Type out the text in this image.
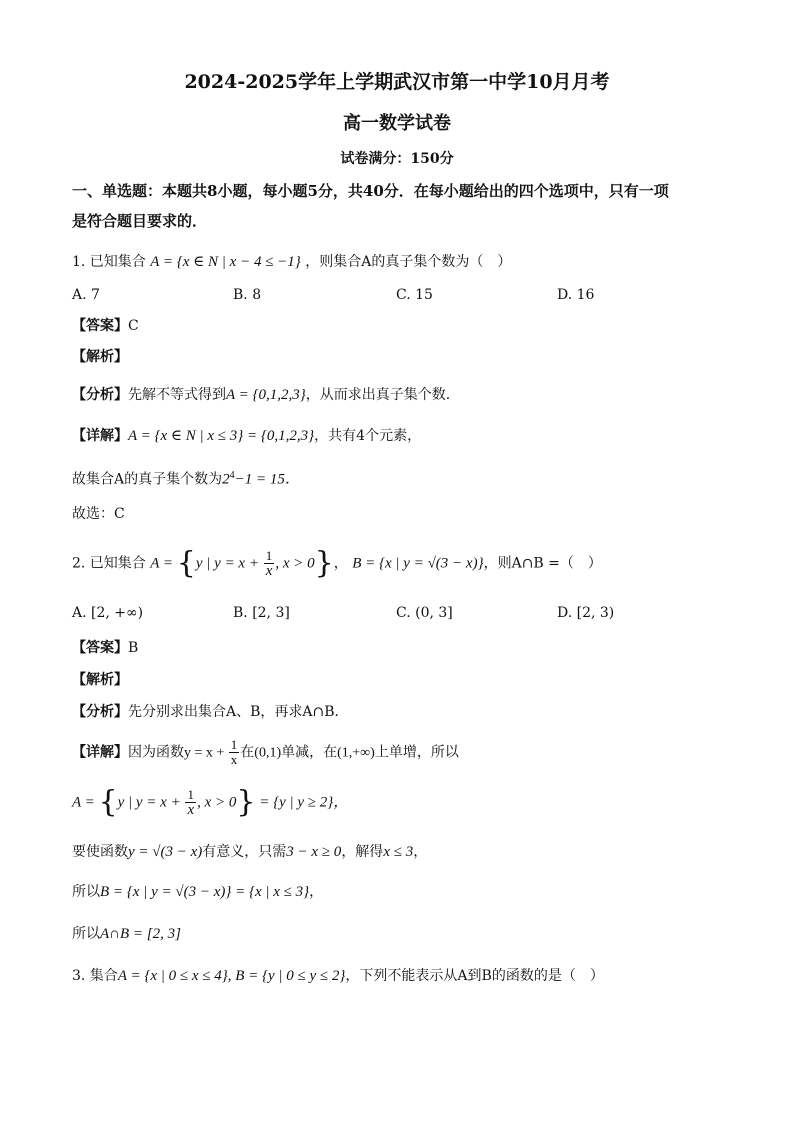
2024-2025学年上学期武汉市第一中学10月月考
高一数学试卷
试卷满分：150分
一、单选题：本题共8小题，每小题5分，共40分．在每小题给出的四个选项中，只有一项
是符合题目要求的．
1. 已知集合 A = {x ∈ N | x − 4 ≤ −1} ，则集合A的真子集个数为（　）
A. 7	B. 8	C. 15	D. 16
【答案】C
【解析】
【分析】先解不等式得到A = {0,1,2,3}，从而求出真子集个数.
【详解】A = {x ∈ N | x ≤ 3} = {0,1,2,3}，共有4个元素，
故集合A的真子集个数为$2^4-1 = 15$．
故选：C
2. 已知集合 A = {y | $y = x + \frac{1}{x}$ , x > 0}， B = {x | y = √(3 − x)}，则A∩B =（　）
A. [2, +∞)	B. [2, 3]	C. (0, 3]	D. [2, 3)
【答案】B
【解析】
【分析】先分别求出集合A、B，再求A∩B．
【详解】因为函数$y = x + \frac{1}{x}$ 在(0,1)单减，在(1,+∞)上单增，所以
A = {y | $y = x + \frac{1}{x}$ , x > 0} = {y | y ≥ 2}，
要使函数y = √(3 − x)有意义，只需3 − x ≥ 0，解得x ≤ 3，
所以B = {x | y = √(3 − x)} = {x | x ≤ 3}，
所以A∩B = [2, 3]
3. 集合A = {x | 0 ≤ x ≤ 4}, B = {y | 0 ≤ y ≤ 2}，下列不能表示从A到B的函数的是（　）
